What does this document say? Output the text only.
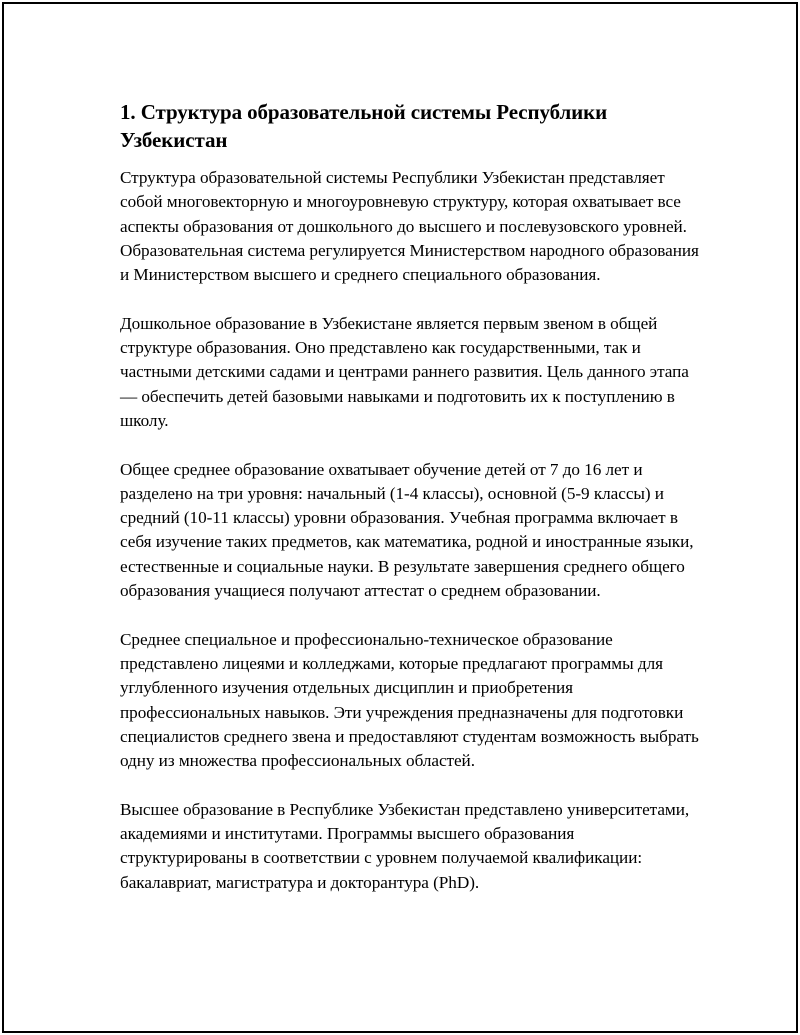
1. Структура образовательной системы Республики Узбекистан

Структура образовательной системы Республики Узбекистан представляет собой многовекторную и многоуровневую структуру, которая охватывает все аспекты образования от дошкольного до высшего и послевузовского уровней. Образовательная система регулируется Министерством народного образования и Министерством высшего и среднего специального образования.

Дошкольное образование в Узбекистане является первым звеном в общей структуре образования. Оно представлено как государственными, так и частными детскими садами и центрами раннего развития. Цель данного этапа — обеспечить детей базовыми навыками и подготовить их к поступлению в школу.

Общее среднее образование охватывает обучение детей от 7 до 16 лет и разделено на три уровня: начальный (1-4 классы), основной (5-9 классы) и средний (10-11 классы) уровни образования. Учебная программа включает в себя изучение таких предметов, как математика, родной и иностранные языки, естественные и социальные науки. В результате завершения среднего общего образования учащиеся получают аттестат о среднем образовании.

Среднее специальное и профессионально-техническое образование представлено лицеями и колледжами, которые предлагают программы для углубленного изучения отдельных дисциплин и приобретения профессиональных навыков. Эти учреждения предназначены для подготовки специалистов среднего звена и предоставляют студентам возможность выбрать одну из множества профессиональных областей.

Высшее образование в Республике Узбекистан представлено университетами, академиями и институтами. Программы высшего образования структурированы в соответствии с уровнем получаемой квалификации: бакалавриат, магистратура и докторантура (PhD).
